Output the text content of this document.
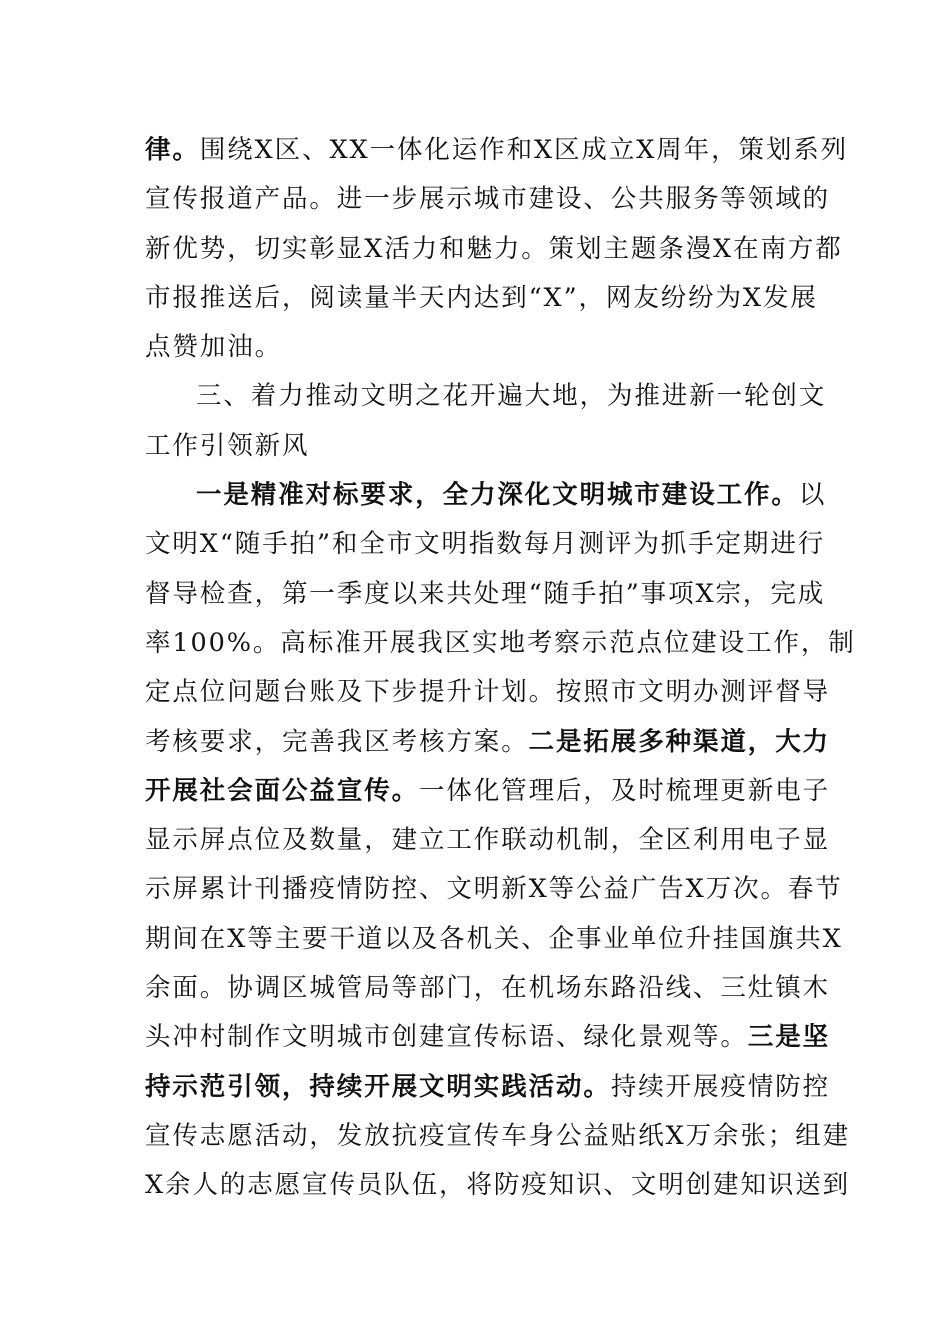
律。围绕X区、XX一体化运作和X区成立X周年，策划系列
宣传报道产品。进一步展示城市建设、公共服务等领域的
新优势，切实彰显X活力和魅力。策划主题条漫X在南方都
市报推送后，阅读量半天内达到“X”，网友纷纷为X发展
点赞加油。
三、着力推动文明之花开遍大地，为推进新一轮创文
工作引领新风
一是精准对标要求，全力深化文明城市建设工作。以
文明X“随手拍”和全市文明指数每月测评为抓手定期进行
督导检查，第一季度以来共处理“随手拍”事项X宗，完成
率100%。高标准开展我区实地考察示范点位建设工作，制
定点位问题台账及下步提升计划。按照市文明办测评督导
考核要求，完善我区考核方案。二是拓展多种渠道，大力
开展社会面公益宣传。一体化管理后，及时梳理更新电子
显示屏点位及数量，建立工作联动机制，全区利用电子显
示屏累计刊播疫情防控、文明新X等公益广告X万次。春节
期间在X等主要干道以及各机关、企事业单位升挂国旗共X
余面。协调区城管局等部门，在机场东路沿线、三灶镇木
头冲村制作文明城市创建宣传标语、绿化景观等。三是坚
持示范引领，持续开展文明实践活动。持续开展疫情防控
宣传志愿活动，发放抗疫宣传车身公益贴纸X万余张；组建
X余人的志愿宣传员队伍，将防疫知识、文明创建知识送到
